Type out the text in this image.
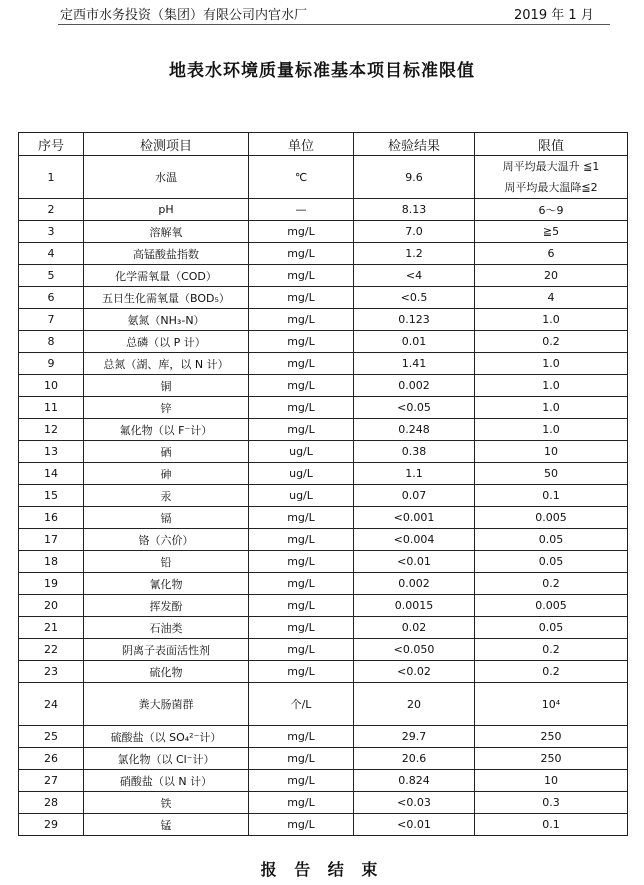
定西市水务投资（集团）有限公司内官水厂	2019 年 1 月
地表水环境质量标准基本项目标准限值
序号	检测项目	单位	检验结果	限值
1	水温	℃	9.6	周平均最大温升 ≦1
周平均最大温降≦2

2	pH	—	8.13	6～9
3	溶解氧	mg/L	7.0	≧5
4	高锰酸盐指数	mg/L	1.2	6
5	化学需氧量（COD）	mg/L	<4	20
6	五日生化需氧量（BOD₅）	mg/L	<0.5	4
7	氨氮（NH₃-N）	mg/L	0.123	1.0
8	总磷（以 P 计）	mg/L	0.01	0.2
9	总氮（湖、库，以 N 计）	mg/L	1.41	1.0
10	铜	mg/L	0.002	1.0
11	锌	mg/L	<0.05	1.0
12	氟化物（以 F⁻计）	mg/L	0.248	1.0
13	硒	ug/L	0.38	10
14	砷	ug/L	1.1	50
15	汞	ug/L	0.07	0.1
16	镉	mg/L	<0.001	0.005
17	铬（六价）	mg/L	<0.004	0.05
18	铅	mg/L	<0.01	0.05
19	氰化物	mg/L	0.002	0.2
20	挥发酚	mg/L	0.0015	0.005
21	石油类	mg/L	0.02	0.05
22	阴离子表面活性剂	mg/L	<0.050	0.2
23	硫化物	mg/L	<0.02	0.2
24	粪大肠菌群	个/L	20	10⁴
25	硫酸盐（以 SO₄²⁻计）	mg/L	29.7	250
26	氯化物（以 Cl⁻计）	mg/L	20.6	250
27	硝酸盐（以 N 计）	mg/L	0.824	10
28	铁	mg/L	<0.03	0.3
29	锰	mg/L	<0.01	0.1
报 告 结 束
